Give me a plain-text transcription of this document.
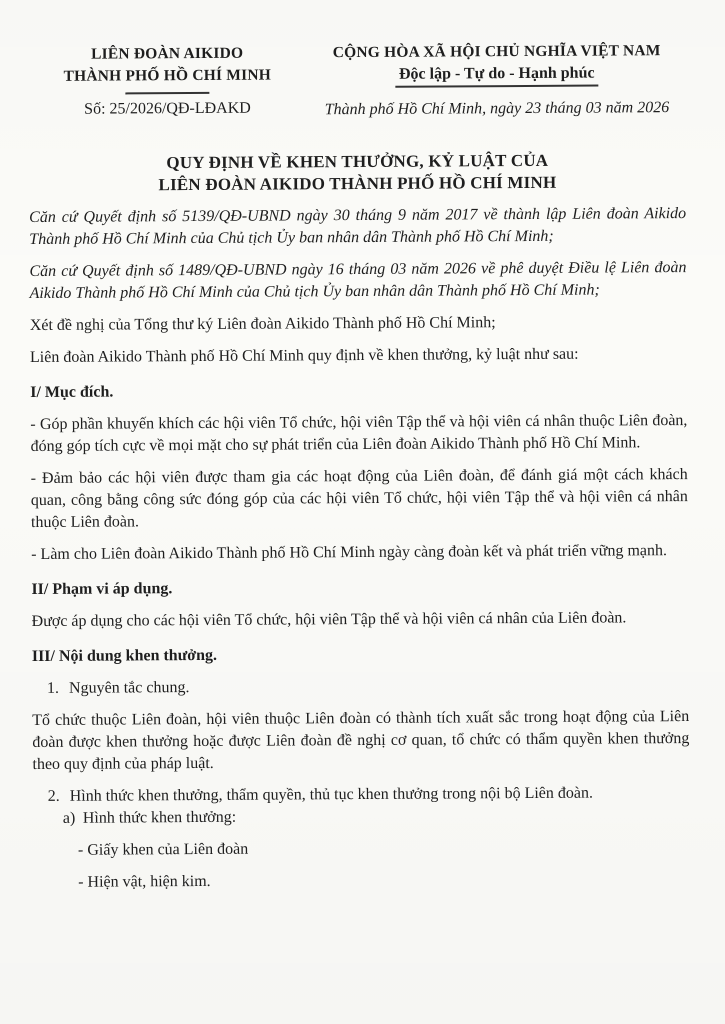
LIÊN ĐOÀN AIKIDO
THÀNH PHỐ HỒ CHÍ MINH
Số: 25/2026/QĐ-LĐAKD
CỘNG HÒA XÃ HỘI CHỦ NGHĨA VIỆT NAM
Độc lập - Tự do - Hạnh phúc
Thành phố Hồ Chí Minh, ngày 23 tháng 03 năm 2026
QUY ĐỊNH VỀ KHEN THƯỞNG, KỶ LUẬT CỦA
LIÊN ĐOÀN AIKIDO THÀNH PHỐ HỒ CHÍ MINH

Căn cứ Quyết định số 5139/QĐ-UBND ngày 30 tháng 9 năm 2017 về thành lập Liên đoàn Aikido Thành phố Hồ Chí Minh của Chủ tịch Ủy ban nhân dân Thành phố Hồ Chí Minh;

Căn cứ Quyết định số 1489/QĐ-UBND ngày 16 tháng 03 năm 2026 về phê duyệt Điều lệ Liên đoàn Aikido Thành phố Hồ Chí Minh của Chủ tịch Ủy ban nhân dân Thành phố Hồ Chí Minh;

Xét đề nghị của Tổng thư ký Liên đoàn Aikido Thành phố Hồ Chí Minh;

Liên đoàn Aikido Thành phố Hồ Chí Minh quy định về khen thưởng, kỷ luật như sau:

I/ Mục đích.

- Góp phần khuyến khích các hội viên Tổ chức, hội viên Tập thể và hội viên cá nhân thuộc Liên đoàn, đóng góp tích cực về mọi mặt cho sự phát triển của Liên đoàn Aikido Thành phố Hồ Chí Minh.

- Đảm bảo các hội viên được tham gia các hoạt động của Liên đoàn, để đánh giá một cách khách quan, công bằng công sức đóng góp của các hội viên Tổ chức, hội viên Tập thể và hội viên cá nhân thuộc Liên đoàn.

- Làm cho Liên đoàn Aikido Thành phố Hồ Chí Minh ngày càng đoàn kết và phát triển vững mạnh.

II/ Phạm vi áp dụng.

Được áp dụng cho các hội viên Tổ chức, hội viên Tập thể và hội viên cá nhân của Liên đoàn.

III/ Nội dung khen thưởng.

1. Nguyên tắc chung.

Tổ chức thuộc Liên đoàn, hội viên thuộc Liên đoàn có thành tích xuất sắc trong hoạt động của Liên đoàn được khen thưởng hoặc được Liên đoàn đề nghị cơ quan, tổ chức có thẩm quyền khen thưởng theo quy định của pháp luật.

2. Hình thức khen thưởng, thẩm quyền, thủ tục khen thưởng trong nội bộ Liên đoàn.

a) Hình thức khen thưởng:

- Giấy khen của Liên đoàn

- Hiện vật, hiện kim.
